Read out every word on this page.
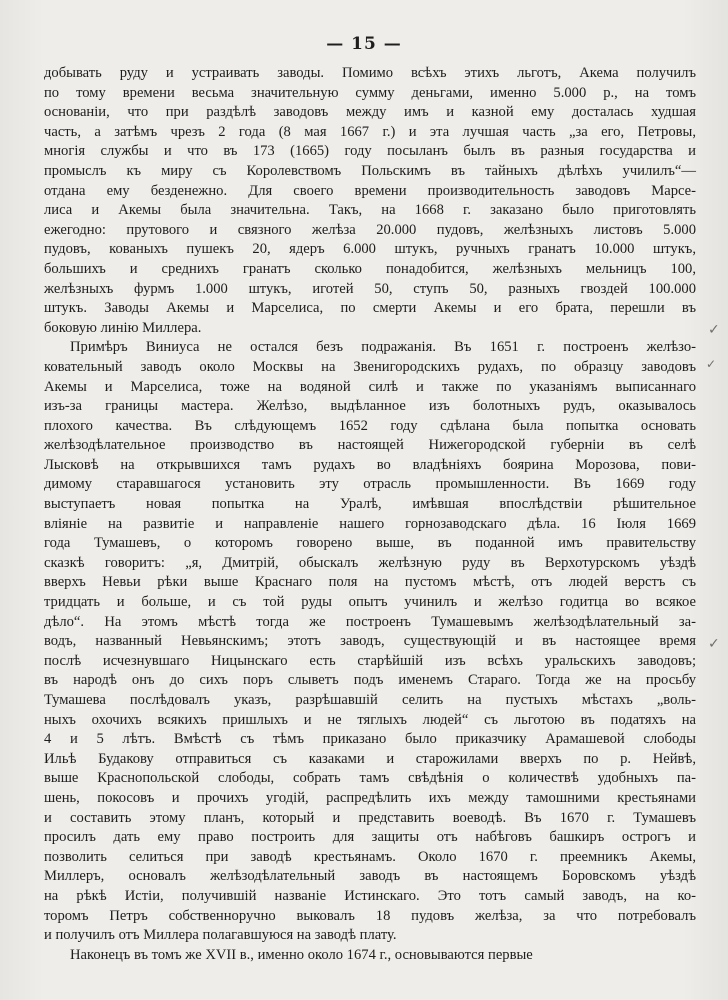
— 15 —
добывать руду и устраивать заводы. Помимо всѣхъ этихъ льготъ, Акема получилъ
по тому времени весьма значительную сумму деньгами, именно 5.000 р., на томъ
основаніи, что при раздѣлѣ заводовъ между имъ и казной ему досталась худшая
часть, а затѣмъ чрезъ 2 года (8 мая 1667 г.) и эта лучшая часть „за его, Петровы,
многія службы и что въ 173 (1665) году посыланъ былъ въ разныя государства и
промыслъ къ миру съ Королевствомъ Польскимъ въ тайныхъ дѣлѣхъ училилъ“—
отдана ему безденежно. Для своего времени производительность заводовъ Марсе-
лиса и Акемы была значительна. Такъ, на 1668 г. заказано было приготовлять
ежегодно: прутового и связного желѣза 20.000 пудовъ, желѣзныхъ листовъ 5.000
пудовъ, кованыхъ пушекъ 20, ядеръ 6.000 штукъ, ручныхъ гранатъ 10.000 штукъ,
большихъ и среднихъ гранатъ сколько понадобится, желѣзныхъ мельницъ 100,
желѣзныхъ фурмъ 1.000 штукъ, иготей 50, ступъ 50, разныхъ гвоздей 100.000
штукъ. Заводы Акемы и Марселиса, по смерти Акемы и его брата, перешли въ
боковую линію Миллера.
Примѣръ Виниуса не остался безъ подражанія. Въ 1651 г. построенъ желѣзо-
ковательный заводъ около Москвы на Звенигородскихъ рудахъ, по образцу заводовъ
Акемы и Марселиса, тоже на водяной силѣ и также по указаніямъ выписаннаго
изъ-за границы мастера. Желѣзо, выдѣланное изъ болотныхъ рудъ, оказывалось
плохого качества. Въ слѣдующемъ 1652 году сдѣлана была попытка основать
желѣзодѣлательное производство въ настоящей Нижегородской губерніи въ селѣ
Лысковѣ на открывшихся тамъ рудахъ во владѣніяхъ боярина Морозова, пови-
димому старавшагося установить эту отрасль промышленности. Въ 1669 году
выступаетъ новая попытка на Уралѣ, имѣвшая впослѣдствіи рѣшительное
вліяніе на развитіе и направленіе нашего горнозаводскаго дѣла. 16 Іюля 1669
года Тумашевъ, о которомъ говорено выше, въ поданной имъ правительству
сказкѣ говоритъ: „я, Дмитрій, обыскалъ желѣзную руду въ Верхотурскомъ уѣздѣ
вверхъ Невьи рѣки выше Краснаго поля на пустомъ мѣстѣ, отъ людей верстъ съ
тридцать и больше, и съ той руды опытъ учинилъ и желѣзо годитца во всякое
дѣло“. На этомъ мѣстѣ тогда же построенъ Тумашевымъ желѣзодѣлательный за-
водъ, названный Невьянскимъ; этотъ заводъ, существующій и въ настоящее время
послѣ исчезнувшаго Ницынскаго есть старѣйшій изъ всѣхъ уральскихъ заводовъ;
въ народѣ онъ до сихъ поръ слыветъ подъ именемъ Стараго. Тогда же на просьбу
Тумашева послѣдовалъ указъ, разрѣшавшій селить на пустыхъ мѣстахъ „воль-
ныхъ охочихъ всякихъ пришлыхъ и не тяглыхъ людей“ съ льготою въ податяхъ на
4 и 5 лѣтъ. Вмѣстѣ съ тѣмъ приказано было приказчику Арамашевой слободы
Ильѣ Будакову отправиться съ казаками и старожилами вверхъ по р. Нейвѣ,
выше Краснопольской слободы, собрать тамъ свѣдѣнія о количествѣ удобныхъ па-
шень, покосовъ и прочихъ угодій, распредѣлить ихъ между тамошними крестьянами
и составить этому планъ, который и представить воеводѣ. Въ 1670 г. Тумашевъ
просилъ дать ему право построить для защиты отъ набѣговъ башкиръ острогъ и
позволить селиться при заводѣ крестьянамъ. Около 1670 г. преемникъ Акемы,
Миллеръ, основалъ желѣзодѣлательный заводъ въ настоящемъ Боровскомъ уѣздѣ
на рѣкѣ Истіи, получившій названіе Истинскаго. Это тотъ самый заводъ, на ко-
торомъ Петръ собственноручно выковалъ 18 пудовъ желѣза, за что потребовалъ
и получилъ отъ Миллера полагавшуюся на заводѣ плату.
Наконецъ въ томъ же XVII в., именно около 1674 г., основываются первые
✓
✓
✓
